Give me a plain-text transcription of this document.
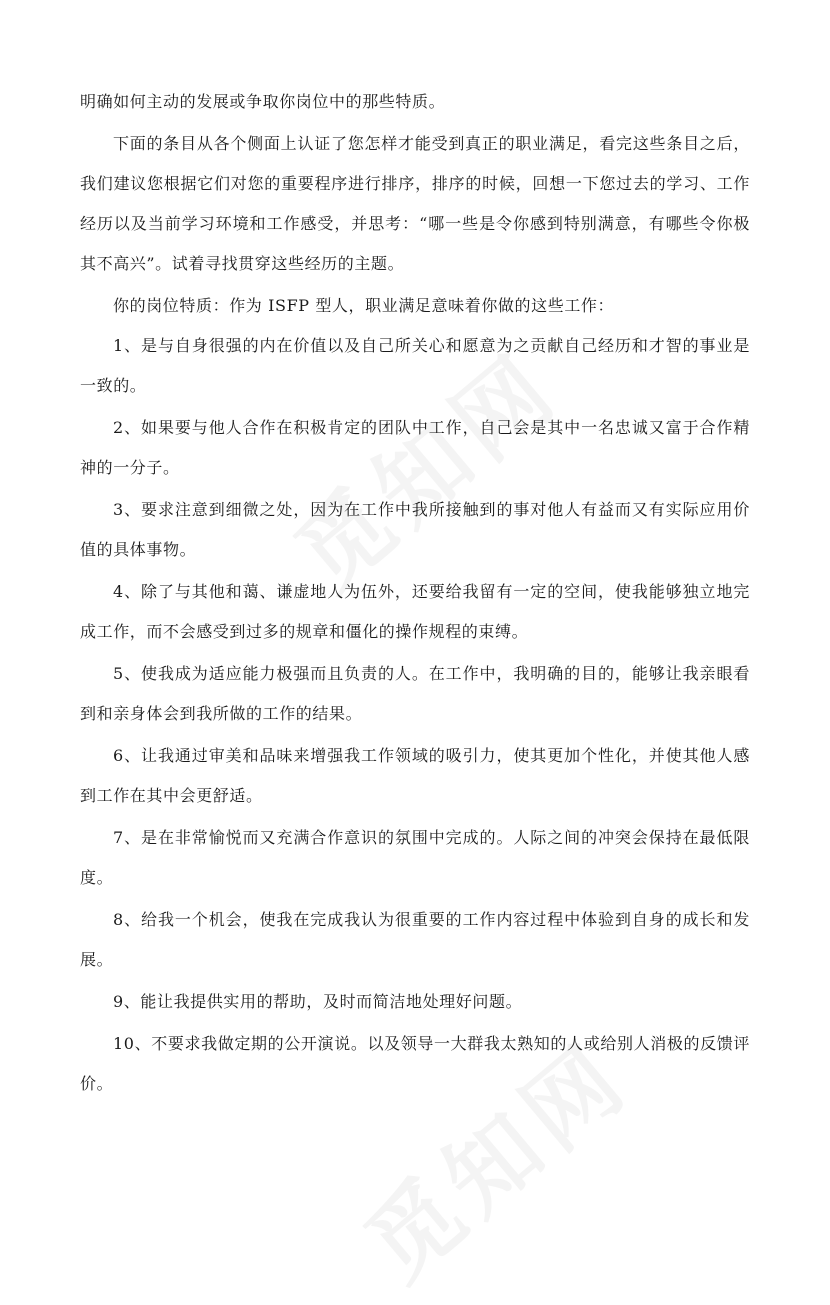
明确如何主动的发展或争取你岗位中的那些特质。

下面的条目从各个侧面上认证了您怎样才能受到真正的职业满足，看完这些条目之后，我们建议您根据它们对您的重要程序进行排序，排序的时候，回想一下您过去的学习、工作经历以及当前学习环境和工作感受，并思考：“哪一些是令你感到特别满意，有哪些令你极其不高兴”。试着寻找贯穿这些经历的主题。

你的岗位特质：作为 ISFP 型人，职业满足意味着你做的这些工作：

1、是与自身很强的内在价值以及自己所关心和愿意为之贡献自己经历和才智的事业是一致的。

2、如果要与他人合作在积极肯定的团队中工作，自己会是其中一名忠诚又富于合作精神的一分子。

3、要求注意到细微之处，因为在工作中我所接触到的事对他人有益而又有实际应用价值的具体事物。

4、除了与其他和蔼、谦虚地人为伍外，还要给我留有一定的空间，使我能够独立地完成工作，而不会感受到过多的规章和僵化的操作规程的束缚。

5、使我成为适应能力极强而且负责的人。在工作中，我明确的目的，能够让我亲眼看到和亲身体会到我所做的工作的结果。

6、让我通过审美和品味来增强我工作领域的吸引力，使其更加个性化，并使其他人感到工作在其中会更舒适。

7、是在非常愉悦而又充满合作意识的氛围中完成的。人际之间的冲突会保持在最低限度。

8、给我一个机会，使我在完成我认为很重要的工作内容过程中体验到自身的成长和发展。

9、能让我提供实用的帮助，及时而简洁地处理好问题。

10、不要求我做定期的公开演说。以及领导一大群我太熟知的人或给别人消极的反馈评价。
